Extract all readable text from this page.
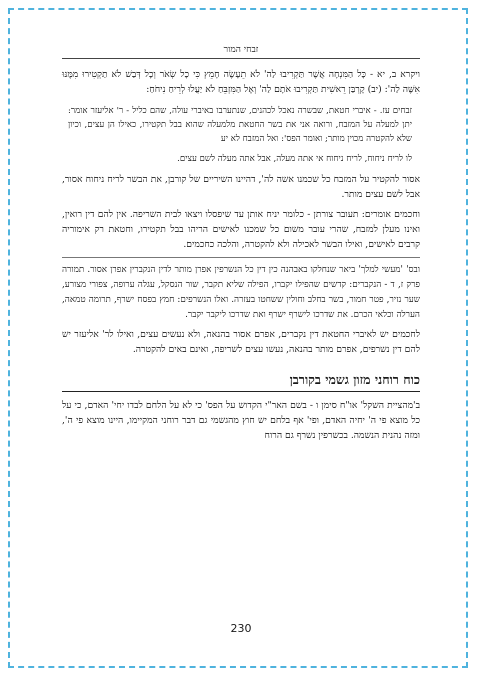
זבחי המור

ויקרא ב, יא - כָּל הַמִּנְחָה אֲשֶׁר תַּקְרִיבוּ לַה' לֹא תֵעָשֶׂה חָמֵץ כִּי כָל שְׂאֹר וְכָל דְּבַשׁ לֹא תַקְטִירוּ מִמֶּנּוּ אִשֶּׁה לַה': (יב) קָרְבַּן רֵאשִׁית תַּקְרִיבוּ אֹתָם לַה' וְאֶל הַמִּזְבֵּחַ לֹא יַעֲלוּ לְרֵיחַ נִיחֹחַ:

זבחים עז. - איברי חטאת, שבשרה נאכל לכהנים, שנתערבו באיברי עולה, שהם כליל - ר' אליעזר אומר: יתן למעלה על המזבח, ורואה אני את בשר החטאת מלמעלה שהוא בבל תקטירו, כאילו הן עצים, וכיון שלא להקטרה מכוין מותר; ואומר הפס': ואל המזבח לא יע

לו לריח ניחוח, לריח ניחוח אי אתה מעלה, אבל אתה מעלה לשם עצים.

אסור להקטיר על המזבח כל שכמנו אשה לה', דהיינו השיריים של קורבן, את הבשר לריח ניחוח אסור, אבל לשם עצים מותר.

וחכמים אומרים: תעובר צורתן - כלומר יניח אותן עד שיפסלו ויצאו לבית השריפה. אין להם דין רואין, ואינו מעלן למזבח, שהרי עובר משום כל שמכנו לאישים הריהו בבל תקטירו, וחטאת רק אימוריה קרבים לאישים, ואילו הבשר לאכילה ולא להקטרה, והלכה כחכמים.

ובס' 'מעשי למלך' ביאר שנחלקו באבהנה כין דין כל הנשרפין אפרן מותר לדין הנקברין אפרן אסור. תמורה פרק ז, ד - הנקברים: קדשים שהפילו יקברו, הפילה שליא תקבר, שור הנסקל, עגלה ערופה, צפורי מצורע, שער נזיר, פטר חמור, בשר בחלב וחולין ששחטו בעזרה. ואלו הנשרפים: חמץ בפסח ישרף, תרומה טמאה, הערלה וכלאי הכרם. את שדרכו לישרף ישרף ואת שדרכו ליקבר יקבר.

לחכמים יש לאיברי החטאת דין נקברים, אפרם אסור בהנאה, ולא נעשים עצים, ואילו לר' אליעזר יש להם דין נשרפים, אפרם מותר בהנאה, נעשו עצים לשריפה, ואינם באים להקטרה.

כוח רוחני מזון גשמי בקורבן

ב'מהציית השקל' או"ח סימן ו - בשם האר"י הקדוש על הפס' כי לא על הלחם לבדו יחי' האדם, כי על כל מוצא פי ה' יחיה האדם, ופי' אף בלחם יש חוץ מהגשמי גם דבר רוחני המקיימו, היינו מוצא פי ה', ומזה נהנית הנשמה. בכשרפין נשרף גם הרוח

230
